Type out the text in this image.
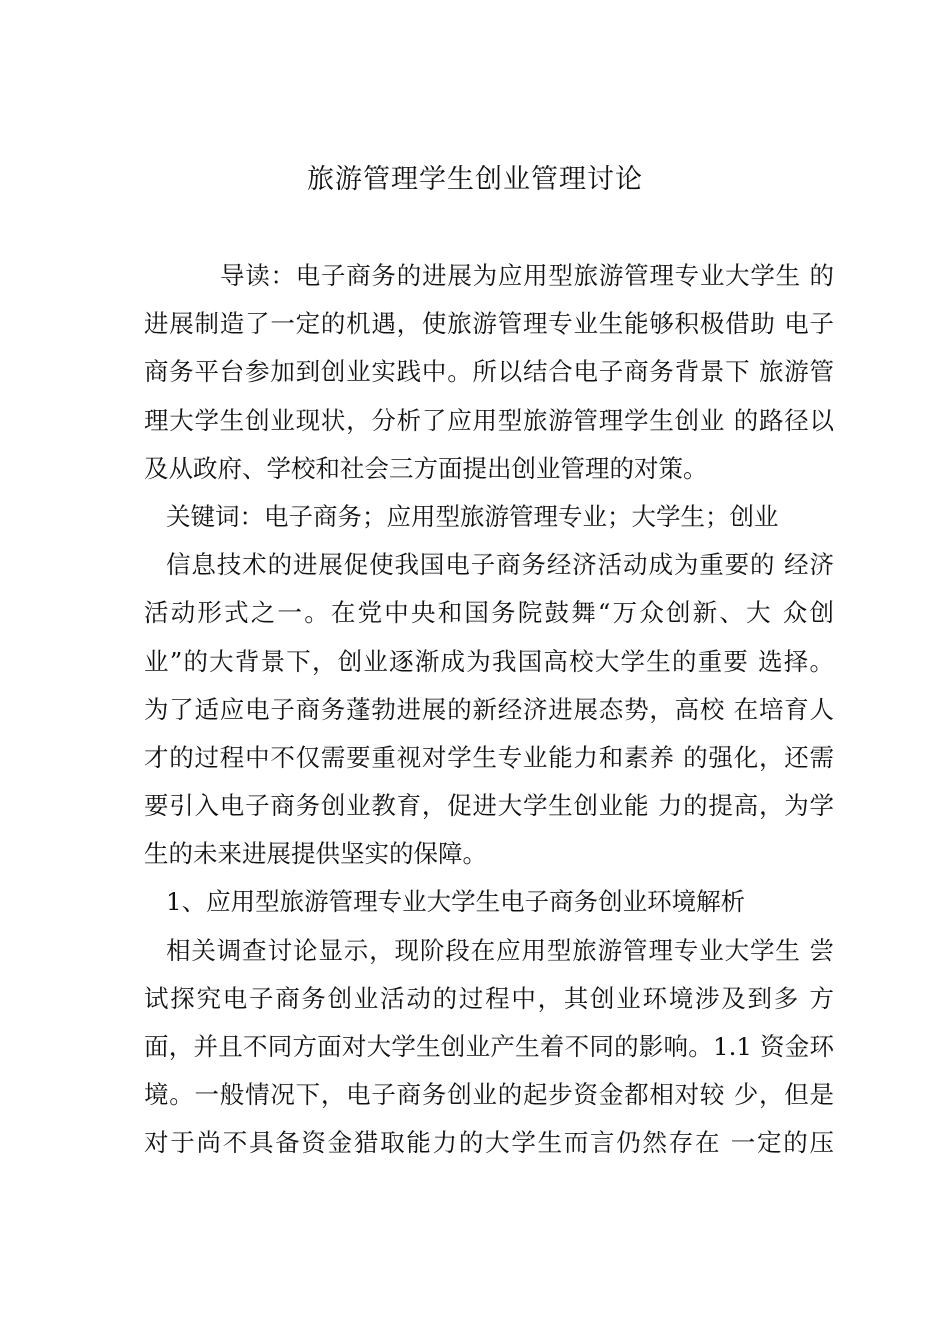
旅游管理学生创业管理讨论
导读：电子商务的进展为应用型旅游管理专业大学生 的
进展制造了一定的机遇，使旅游管理专业生能够积极借助 电子
商务平台参加到创业实践中。所以结合电子商务背景下 旅游管
理大学生创业现状，分析了应用型旅游管理学生创业 的路径以
及从政府、学校和社会三方面提出创业管理的对策。
关键词：电子商务；应用型旅游管理专业；大学生；创业
信息技术的进展促使我国电子商务经济活动成为重要的 经济
活动形式之一。在党中央和国务院鼓舞“万众创新、大 众创
业”的大背景下，创业逐渐成为我国高校大学生的重要 选择。
为了适应电子商务蓬勃进展的新经济进展态势，高校 在培育人
才的过程中不仅需要重视对学生专业能力和素养 的强化，还需
要引入电子商务创业教育，促进大学生创业能 力的提高，为学
生的未来进展提供坚实的保障。
1、应用型旅游管理专业大学生电子商务创业环境解析
相关调查讨论显示，现阶段在应用型旅游管理专业大学生 尝
试探究电子商务创业活动的过程中，其创业环境涉及到多 方
面，并且不同方面对大学生创业产生着不同的影响。1.1 资金环
境。一般情况下，电子商务创业的起步资金都相对较 少，但是
对于尚不具备资金猎取能力的大学生而言仍然存在 一定的压
